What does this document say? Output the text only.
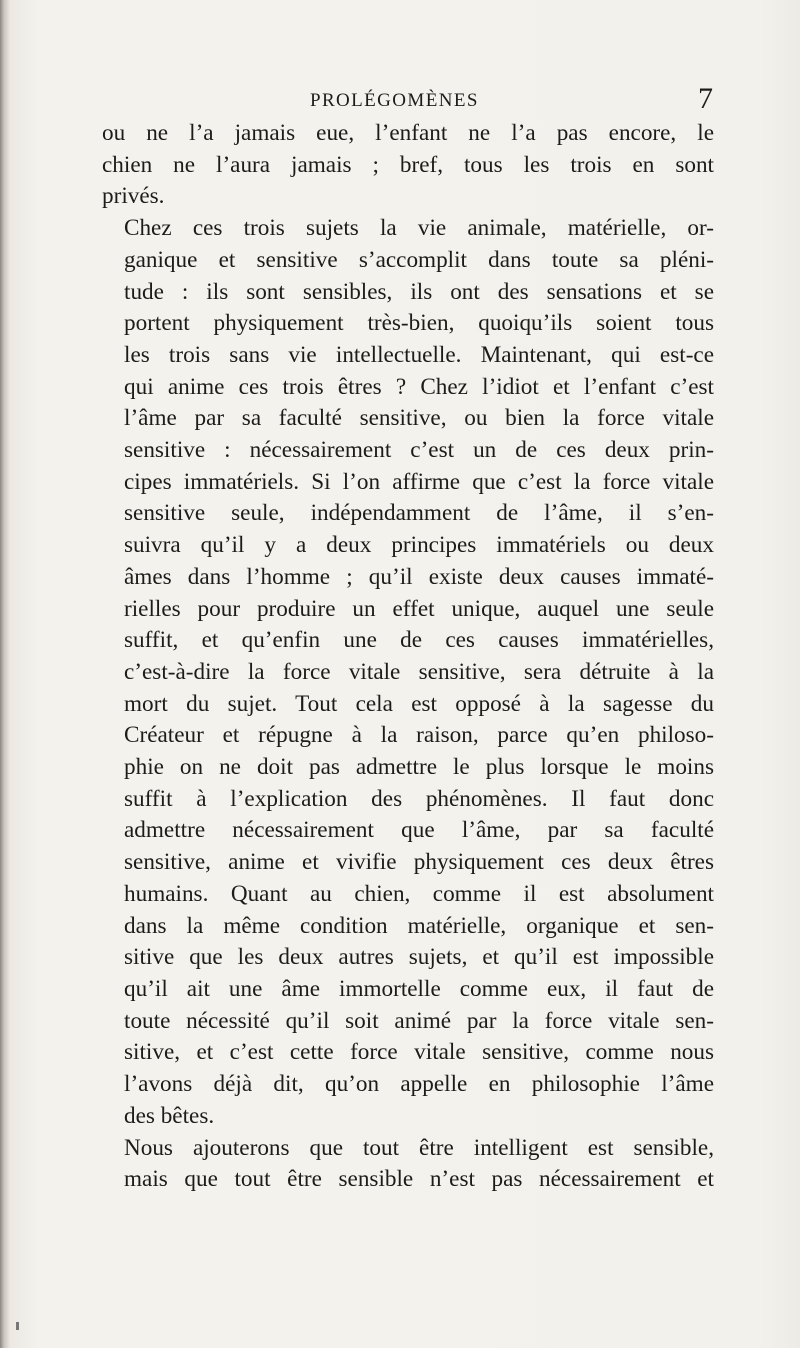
PROLÉGOMÈNES	7

ou ne l’a jamais eue, l’enfant ne l’a pas encore, le
chien ne l’aura jamais ; bref, tous les trois en sont
privés.

Chez ces trois sujets la vie animale, matérielle, or-
ganique et sensitive s’accomplit dans toute sa pléni-
tude : ils sont sensibles, ils ont des sensations et se
portent physiquement très-bien, quoiqu’ils soient tous
les trois sans vie intellectuelle. Maintenant, qui est-ce
qui anime ces trois êtres ? Chez l’idiot et l’enfant c’est
l’âme par sa faculté sensitive, ou bien la force vitale
sensitive : nécessairement c’est un de ces deux prin-
cipes immatériels. Si l’on affirme que c’est la force vitale
sensitive seule, indépendamment de l’âme, il s’en-
suivra qu’il y a deux principes immatériels ou deux
âmes dans l’homme ; qu’il existe deux causes immaté-
rielles pour produire un effet unique, auquel une seule
suffit, et qu’enfin une de ces causes immatérielles,
c’est-à-dire la force vitale sensitive, sera détruite à la
mort du sujet. Tout cela est opposé à la sagesse du
Créateur et répugne à la raison, parce qu’en philoso-
phie on ne doit pas admettre le plus lorsque le moins
suffit à l’explication des phénomènes. Il faut donc
admettre nécessairement que l’âme, par sa faculté
sensitive, anime et vivifie physiquement ces deux êtres
humains. Quant au chien, comme il est absolument
dans la même condition matérielle, organique et sen-
sitive que les deux autres sujets, et qu’il est impossible
qu’il ait une âme immortelle comme eux, il faut de
toute nécessité qu’il soit animé par la force vitale sen-
sitive, et c’est cette force vitale sensitive, comme nous
l’avons déjà dit, qu’on appelle en philosophie l’âme
des bêtes.

Nous ajouterons que tout être intelligent est sensible,
mais que tout être sensible n’est pas nécessairement et
